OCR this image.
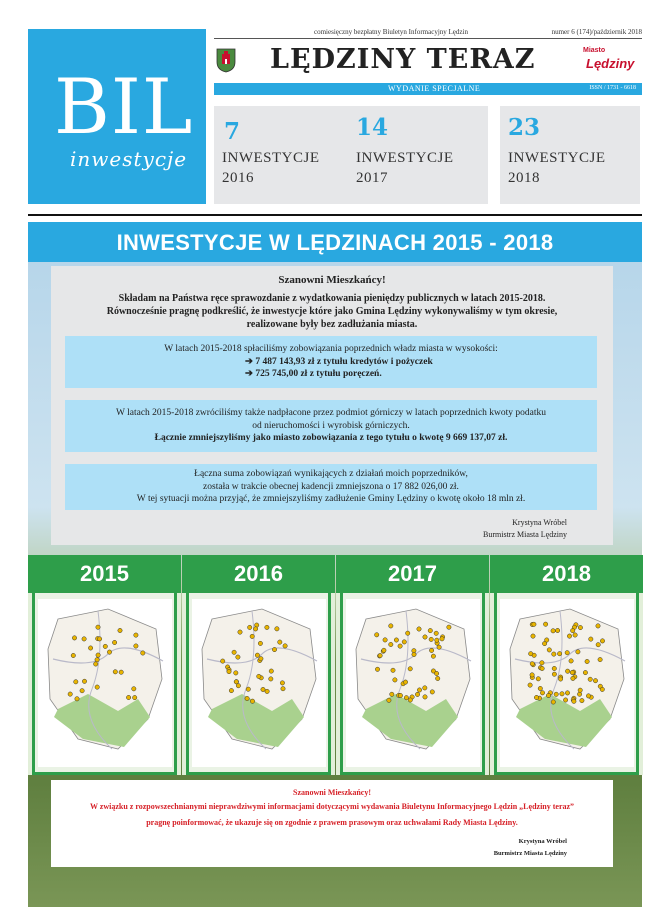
BIL
inwestycje
comiesięczny bezpłatny Biuletyn Informacyjny Lędzin	numer 6 (174)/październik 2018
LĘDZINY TERAZ	Miasto
Lędziny
WYDANIE SPECJALNE	ISSN / 1731 - 6618
7
INWESTYCJE
2016
14
INWESTYCJE
2017
23
INWESTYCJE
2018
INWESTYCJE W LĘDZINACH 2015 - 2018
Szanowni Mieszkańcy!
Składam na Państwa ręce sprawozdanie z wydatkowania pieniędzy publicznych w latach 2015-2018.
Równocześnie pragnę podkreślić, że inwestycje które jako Gmina Lędziny wykonywaliśmy w tym okresie,
realizowane były bez zadłużania miasta.
W latach 2015-2018 spłaciliśmy zobowiązania poprzednich władz miasta w wysokości:
➔ 7 487 143,93 zł z tytułu kredytów i pożyczek
➔ 725 745,00 zł z tytułu poręczeń.
W latach 2015-2018 zwróciliśmy także nadpłacone przez podmiot górniczy w latach poprzednich kwoty podatku
od nieruchomości i wyrobisk górniczych.
Łącznie zmniejszyliśmy jako miasto zobowiązania z tego tytułu o kwotę 9 669 137,07 zł.
Łączna suma zobowiązań wynikających z działań moich poprzedników,
została w trakcie obecnej kadencji zmniejszona o 17 882 026,00 zł.
W tej sytuacji można przyjąć, że zmniejszyliśmy zadłużenie Gminy Lędziny o kwotę około 18 mln zł.
Krystyna Wróbel
Burmistrz Miasta Lędziny
2015	2016	2017	2018
Szanowni Mieszkańcy!
W związku z rozpowszechnianymi nieprawdziwymi informacjami dotyczącymi wydawania Biuletynu Informacyjnego Lędzin „Lędziny teraz”
pragnę poinformować, że ukazuje się on zgodnie z prawem prasowym oraz uchwałami Rady Miasta Lędziny.
Krystyna Wróbel
Burmistrz Miasta Lędziny
